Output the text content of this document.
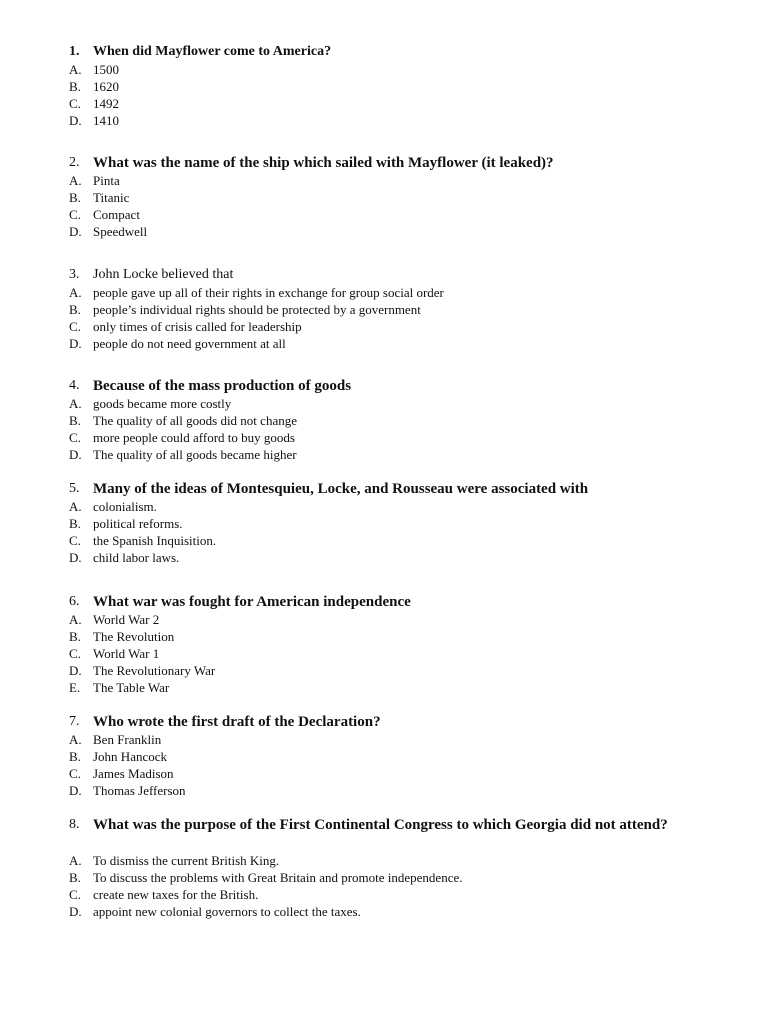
1. When did Mayflower come to America?
A. 1500
B. 1620
C. 1492
D. 1410
2. What was the name of the ship which sailed with Mayflower (it leaked)?
A. Pinta
B. Titanic
C. Compact
D. Speedwell
3. John Locke believed that
A. people gave up all of their rights in exchange for group social order
B. people’s individual rights should be protected by a government
C. only times of crisis called for leadership
D. people do not need government at all
4. Because of the mass production of goods
A. goods became more costly
B. The quality of all goods did not change
C. more people could afford to buy goods
D. The quality of all goods became higher
5. Many of the ideas of Montesquieu, Locke, and Rousseau were associated with
A. colonialism.
B. political reforms.
C. the Spanish Inquisition.
D. child labor laws.
6. What war was fought for American independence
A. World War 2
B. The Revolution
C. World War 1
D. The Revolutionary War
E. The Table War
7. Who wrote the first draft of the Declaration?
A. Ben Franklin
B. John Hancock
C. James Madison
D. Thomas Jefferson
8. What was the purpose of the First Continental Congress to which Georgia did not attend?
A. To dismiss the current British King.
B. To discuss the problems with Great Britain and promote independence.
C. create new taxes for the British.
D. appoint new colonial governors to collect the taxes.
